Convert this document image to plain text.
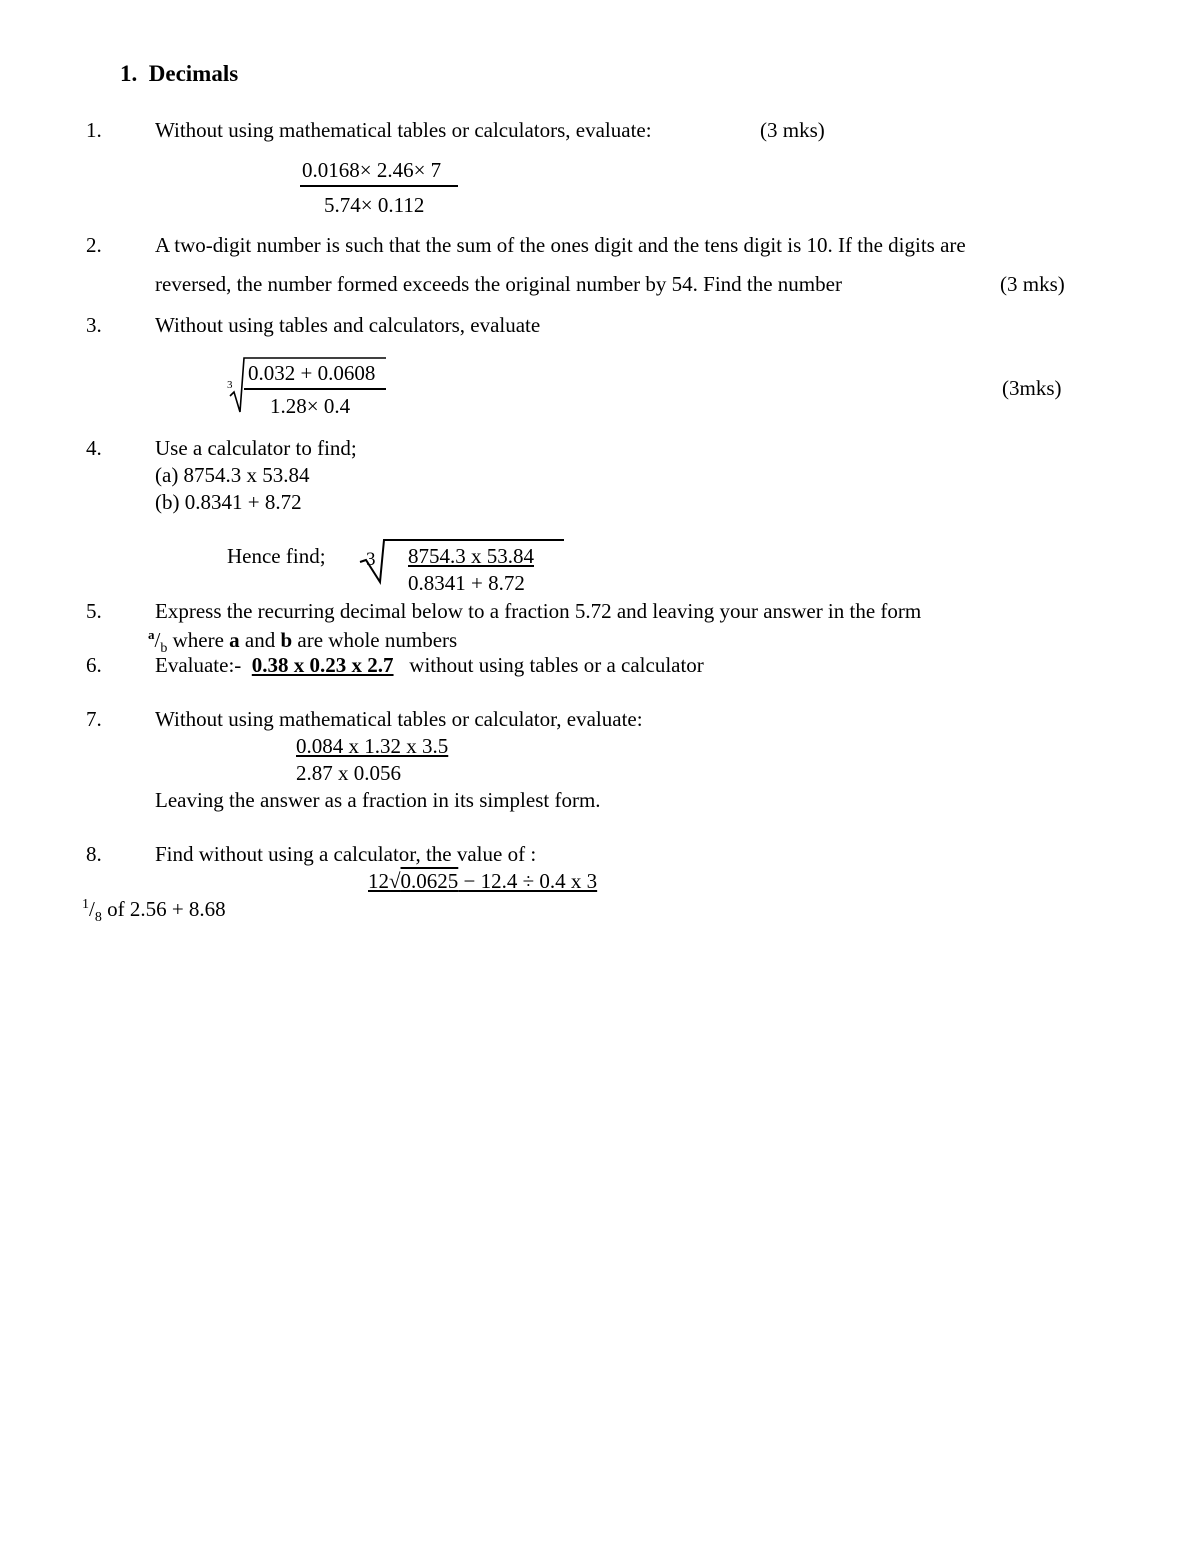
1. Decimals
1.	Without using mathematical tables or calculators, evaluate:	(3 mks)
0.0168× 2.46× 7
5.74× 0.112
2.	A two-digit number is such that the sum of the ones digit and the tens digit is 10. If the digits are
reversed, the number formed exceeds the original number by 54. Find the number	(3 mks)
3.	Without using tables and calculators, evaluate
3 0.032 + 0.0608
1.28× 0.4
(3mks)
4.	Use a calculator to find;
(a) 8754.3 x 53.84
(b) 0.8341 + 8.72
Hence find; 3 8754.3 x 53.84
0.8341 + 8.72
5.	Express the recurring decimal below to a fraction 5.72 and leaving your answer in the form
$^a/_b$ where a and b are whole numbers
6.	Evaluate:-  0.38 x 0.23 x 2.7   without using tables or a calculator
7.	Without using mathematical tables or calculator, evaluate:
0.084 x 1.32 x 3.5
2.87 x 0.056
Leaving the answer as a fraction in its simplest form.
8.	Find without using a calculator, the value of :
12√0.0625 − 12.4 ÷ 0.4 x 3
$^1/_8$ of 2.56 + 8.68
